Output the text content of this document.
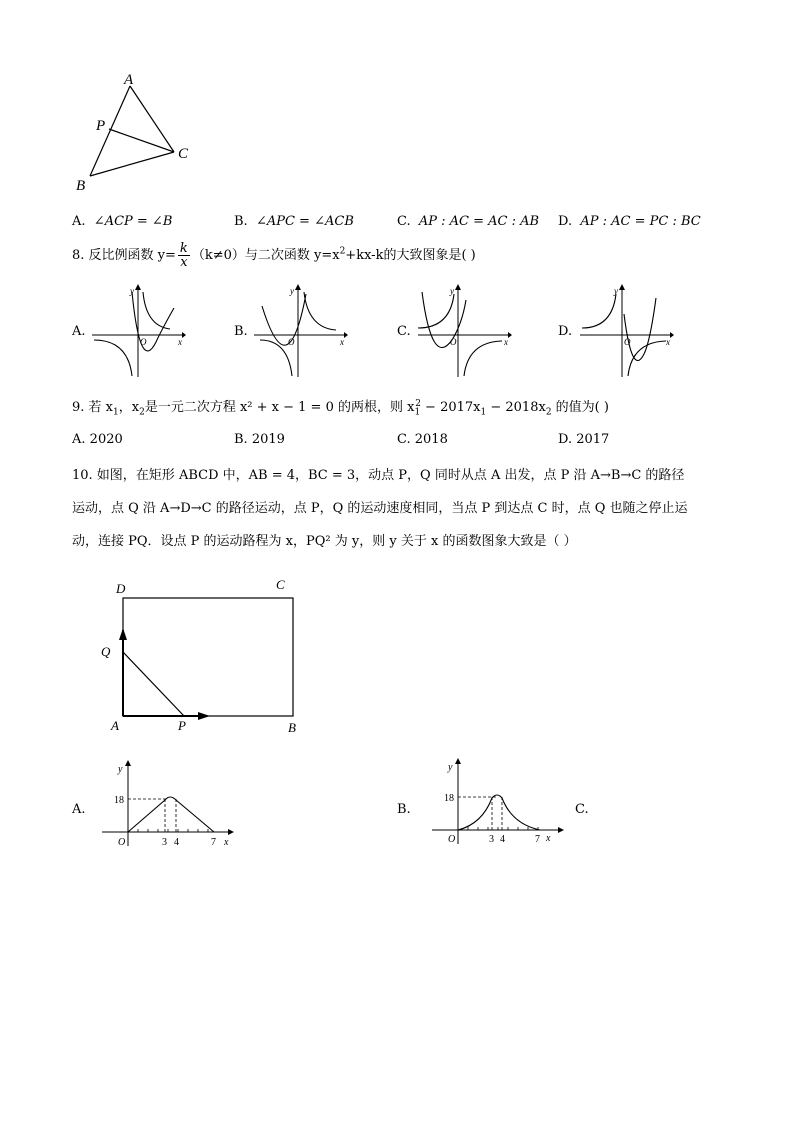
A
P
C
B
A. ∠ACP = ∠B	B. ∠APC = ∠ACB	C. AP : AC = AC : AB D. AP : AC = PC : BC
8. 反比例函数 $y= \frac{k}{x} (k\ne 0)$与二次函数 $y=x^2+kx-k$的大致图象是( )
A.	B.	C.	D.
y
x
O
y
x
O
y
x
O
y
x
O
9. 若 $x_1$，$x_2$是一元二次方程 x² + x − 1 = 0 的两根，则 $x_1^2 - 2017x_1 - 2018x_2$ 的值为( )
A. 2020	B. 2019	C. 2018	D. 2017
10. 如图，在矩形 ABCD 中，AB = 4，BC = 3，动点 P，Q 同时从点 A 出发，点 P 沿 A→B→C 的路径
运动，点 Q 沿 A→D→C 的路径运动，点 P，Q 的运动速度相同，当点 P 到达点 C 时，点 Q 也随之停止运
动，连接 PQ．设点 P 的运动路程为 x，PQ² 为 y，则 y 关于 x 的函数图象大致是（ ）
D	C
Q
A	P	B
A.	B.	C.
y
x
O
18
3 4	7
y
x
O
18
3 4	7
